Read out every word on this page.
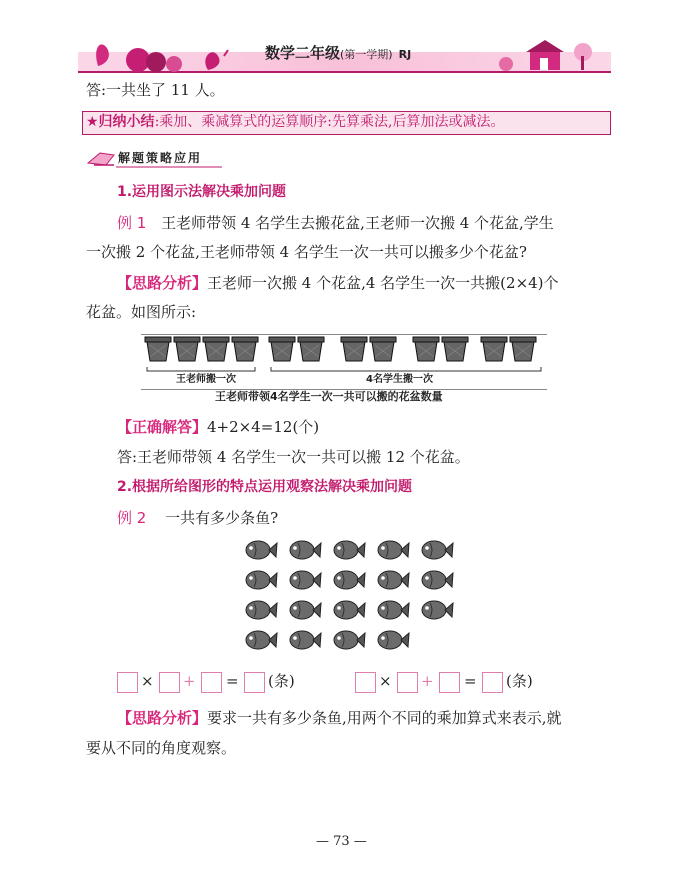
数学二年级(第一学期) RJ
答:一共坐了 11 人。
★归纳小结:乘加、乘减算式的运算顺序:先算乘法,后算加法或减法。
解题策略应用
1.运用图示法解决乘加问题
例 1 王老师带领 4 名学生去搬花盆,王老师一次搬 4 个花盆,学生
一次搬 2 个花盆,王老师带领 4 名学生一次一共可以搬多少个花盆?
【思路分析】王老师一次搬 4 个花盆,4 名学生一次一共搬(2×4)个
花盆。如图所示:
王老师搬一次	4名学生搬一次
王老师带领4名学生一次一共可以搬的花盆数量
【正确解答】4+2×4=12(个)
答:王老师带领 4 名学生一次一共可以搬 12 个花盆。
2.根据所给图形的特点运用观察法解决乘加问题
例 2 一共有多少条鱼?
× + = (条)	× + = (条)
【思路分析】要求一共有多少条鱼,用两个不同的乘加算式来表示,就
要从不同的角度观察。
— 73 —
